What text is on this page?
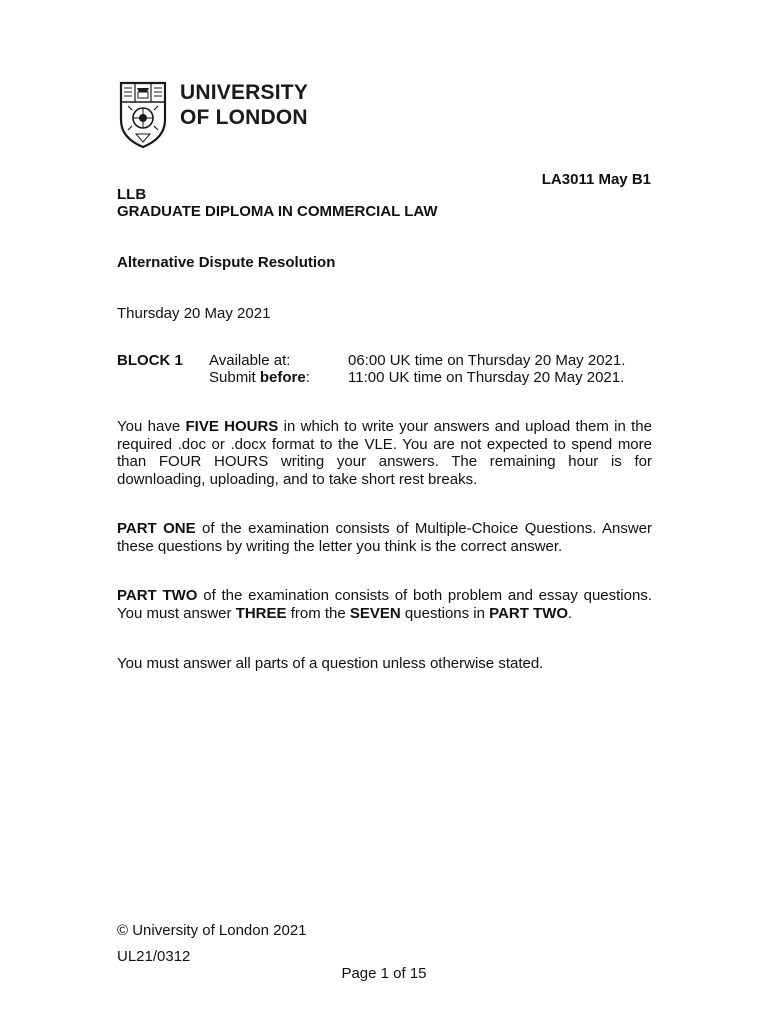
UNIVERSITY
OF LONDON
LA3011 May B1
LLB
GRADUATE DIPLOMA IN COMMERCIAL LAW
Alternative Dispute Resolution
Thursday 20 May 2021
BLOCK 1 Available at:	06:00 UK time on Thursday 20 May 2021.
Submit before:	11:00 UK time on Thursday 20 May 2021.
You have FIVE HOURS in which to write your answers and upload them in the required .doc or .docx format to the VLE. You are not expected to spend more than FOUR HOURS writing your answers. The remaining hour is for downloading, uploading, and to take short rest breaks.
PART ONE of the examination consists of Multiple-Choice Questions. Answer these questions by writing the letter you think is the correct answer.
PART TWO of the examination consists of both problem and essay questions. You must answer THREE from the SEVEN questions in PART TWO.
You must answer all parts of a question unless otherwise stated.
© University of London 2021
UL21/0312
Page 1 of 15
